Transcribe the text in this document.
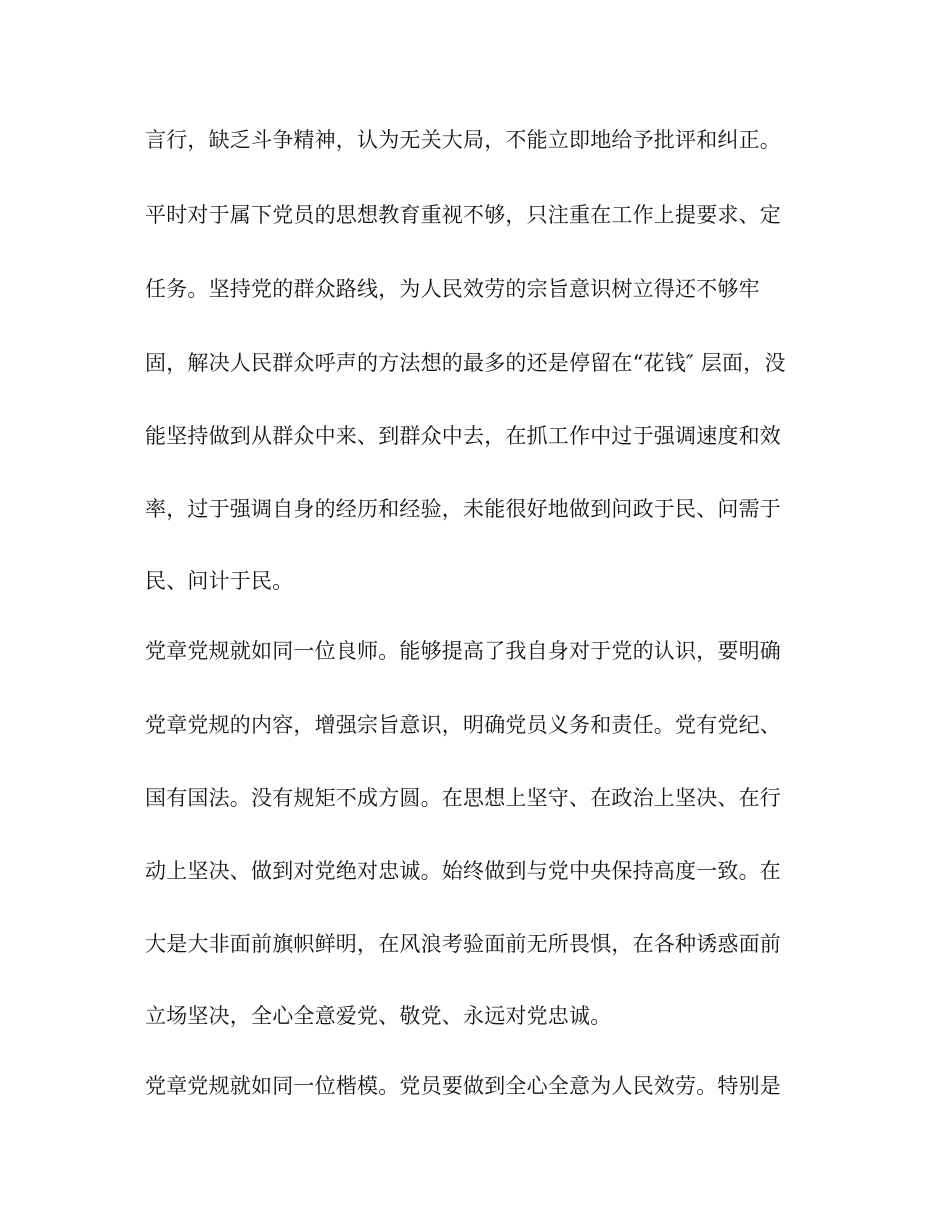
言行，缺乏斗争精神，认为无关大局，不能立即地给予批评和纠正。

平时对于属下党员的思想教育重视不够，只注重在工作上提要求、定

任务。坚持党的群众路线，为人民效劳的宗旨意识树立得还不够牢

固，解决人民群众呼声的方法想的最多的还是停留在“花钱″ 层面，没

能坚持做到从群众中来、到群众中去，在抓工作中过于强调速度和效

率，过于强调自身的经历和经验，未能很好地做到问政于民、问需于

民、问计于民。

党章党规就如同一位良师。能够提高了我自身对于党的认识，要明确

党章党规的内容，增强宗旨意识，明确党员义务和责任。党有党纪、

国有国法。没有规矩不成方圆。在思想上坚守、在政治上坚决、在行

动上坚决、做到对党绝对忠诚。始终做到与党中央保持高度一致。在

大是大非面前旗帜鲜明，在风浪考验面前无所畏惧，在各种诱惑面前

立场坚决，全心全意爱党、敬党、永远对党忠诚。

党章党规就如同一位楷模。党员要做到全心全意为人民效劳。特别是
